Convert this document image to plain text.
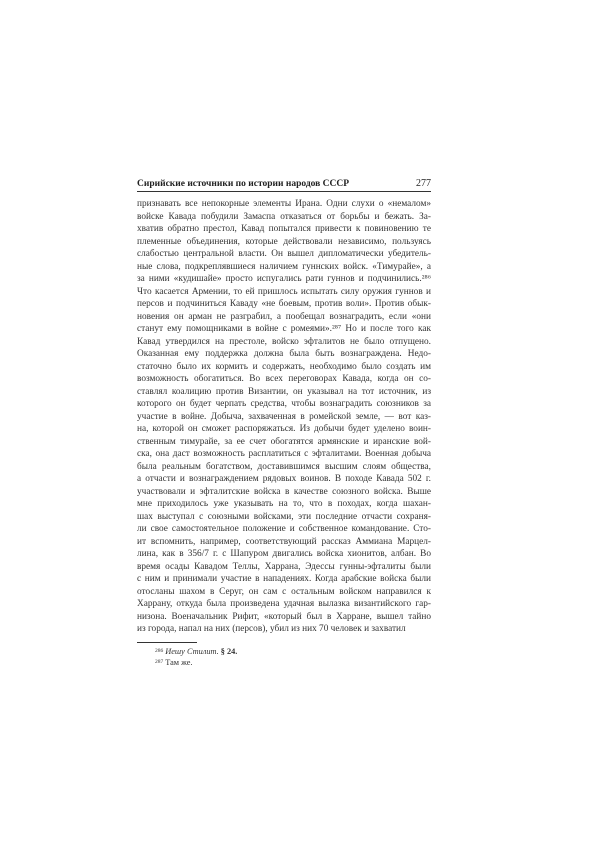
Сирийские источники по истории народов СССР	277
признавать все непокорные элементы Ирана. Одни слухи о «немалом»
войске Кавада побудили Замаспа отказаться от борьбы и бежать. За-
хватив обратно престол, Кавад попытался привести к повиновению те
племенные объединения, которые действовали независимо, пользуясь
слабостью центральной власти. Он вышел дипломатически убедитель-
ные слова, подкреплявшиеся наличием гуннских войск. «Тимурайе», а
за ними «кудишайе» просто испугались рати гуннов и подчинились.²⁸⁶
Что касается Армении, то ей пришлось испытать силу оружия гуннов и
персов и подчиниться Каваду «не боевым, против воли». Против обык-
новения он арман не разграбил, а пообещал вознаградить, если «они
станут ему помощниками в войне с ромеями».²⁸⁷ Но и после того как
Кавад утвердился на престоле, войско эфталитов не было отпущено.
Оказанная ему поддержка должна была быть вознаграждена. Недо-
статочно было их кормить и содержать, необходимо было создать им
возможность обогатиться. Во всех переговорах Кавада, когда он со-
ставлял коалицию против Византии, он указывал на тот источник, из
которого он будет черпать средства, чтобы вознаградить союзников за
участие в войне. Добыча, захваченная в ромейской земле, — вот каз-
на, которой он сможет распоряжаться. Из добычи будет уделено воин-
ственным тимурайе, за ее счет обогатятся армянские и иранские вой-
ска, она даст возможность расплатиться с эфталитами. Военная добыча
была реальным богатством, доставившимся высшим слоям общества,
а отчасти и вознаграждением рядовых воинов. В походе Кавада 502 г.
участвовали и эфталитские войска в качестве союзного войска. Выше
мне приходилось уже указывать на то, что в походах, когда шахан-
шах выступал с союзными войсками, эти последние отчасти сохраня-
ли свое самостоятельное положение и собственное командование. Сто-
ит вспомнить, например, соответствующий рассказ Аммиана Марцел-
лина, как в 356/7 г. с Шапуром двигались войска хионитов, албан. Во
время осады Кавадом Теллы, Харрана, Эдессы гунны-эфталиты были
с ним и принимали участие в нападениях. Когда арабские войска были
отосланы шахом в Серуг, он сам с остальным войском направился к
Харрану, откуда была произведена удачная вылазка византийского гар-
низона. Военачальник Рифит, «который был в Харране, вышел тайно
из города, напал на них (персов), убил из них 70 человек и захватил
$^{286}$ Иешу Стилит. § 24.
$^{287}$ Там же.
